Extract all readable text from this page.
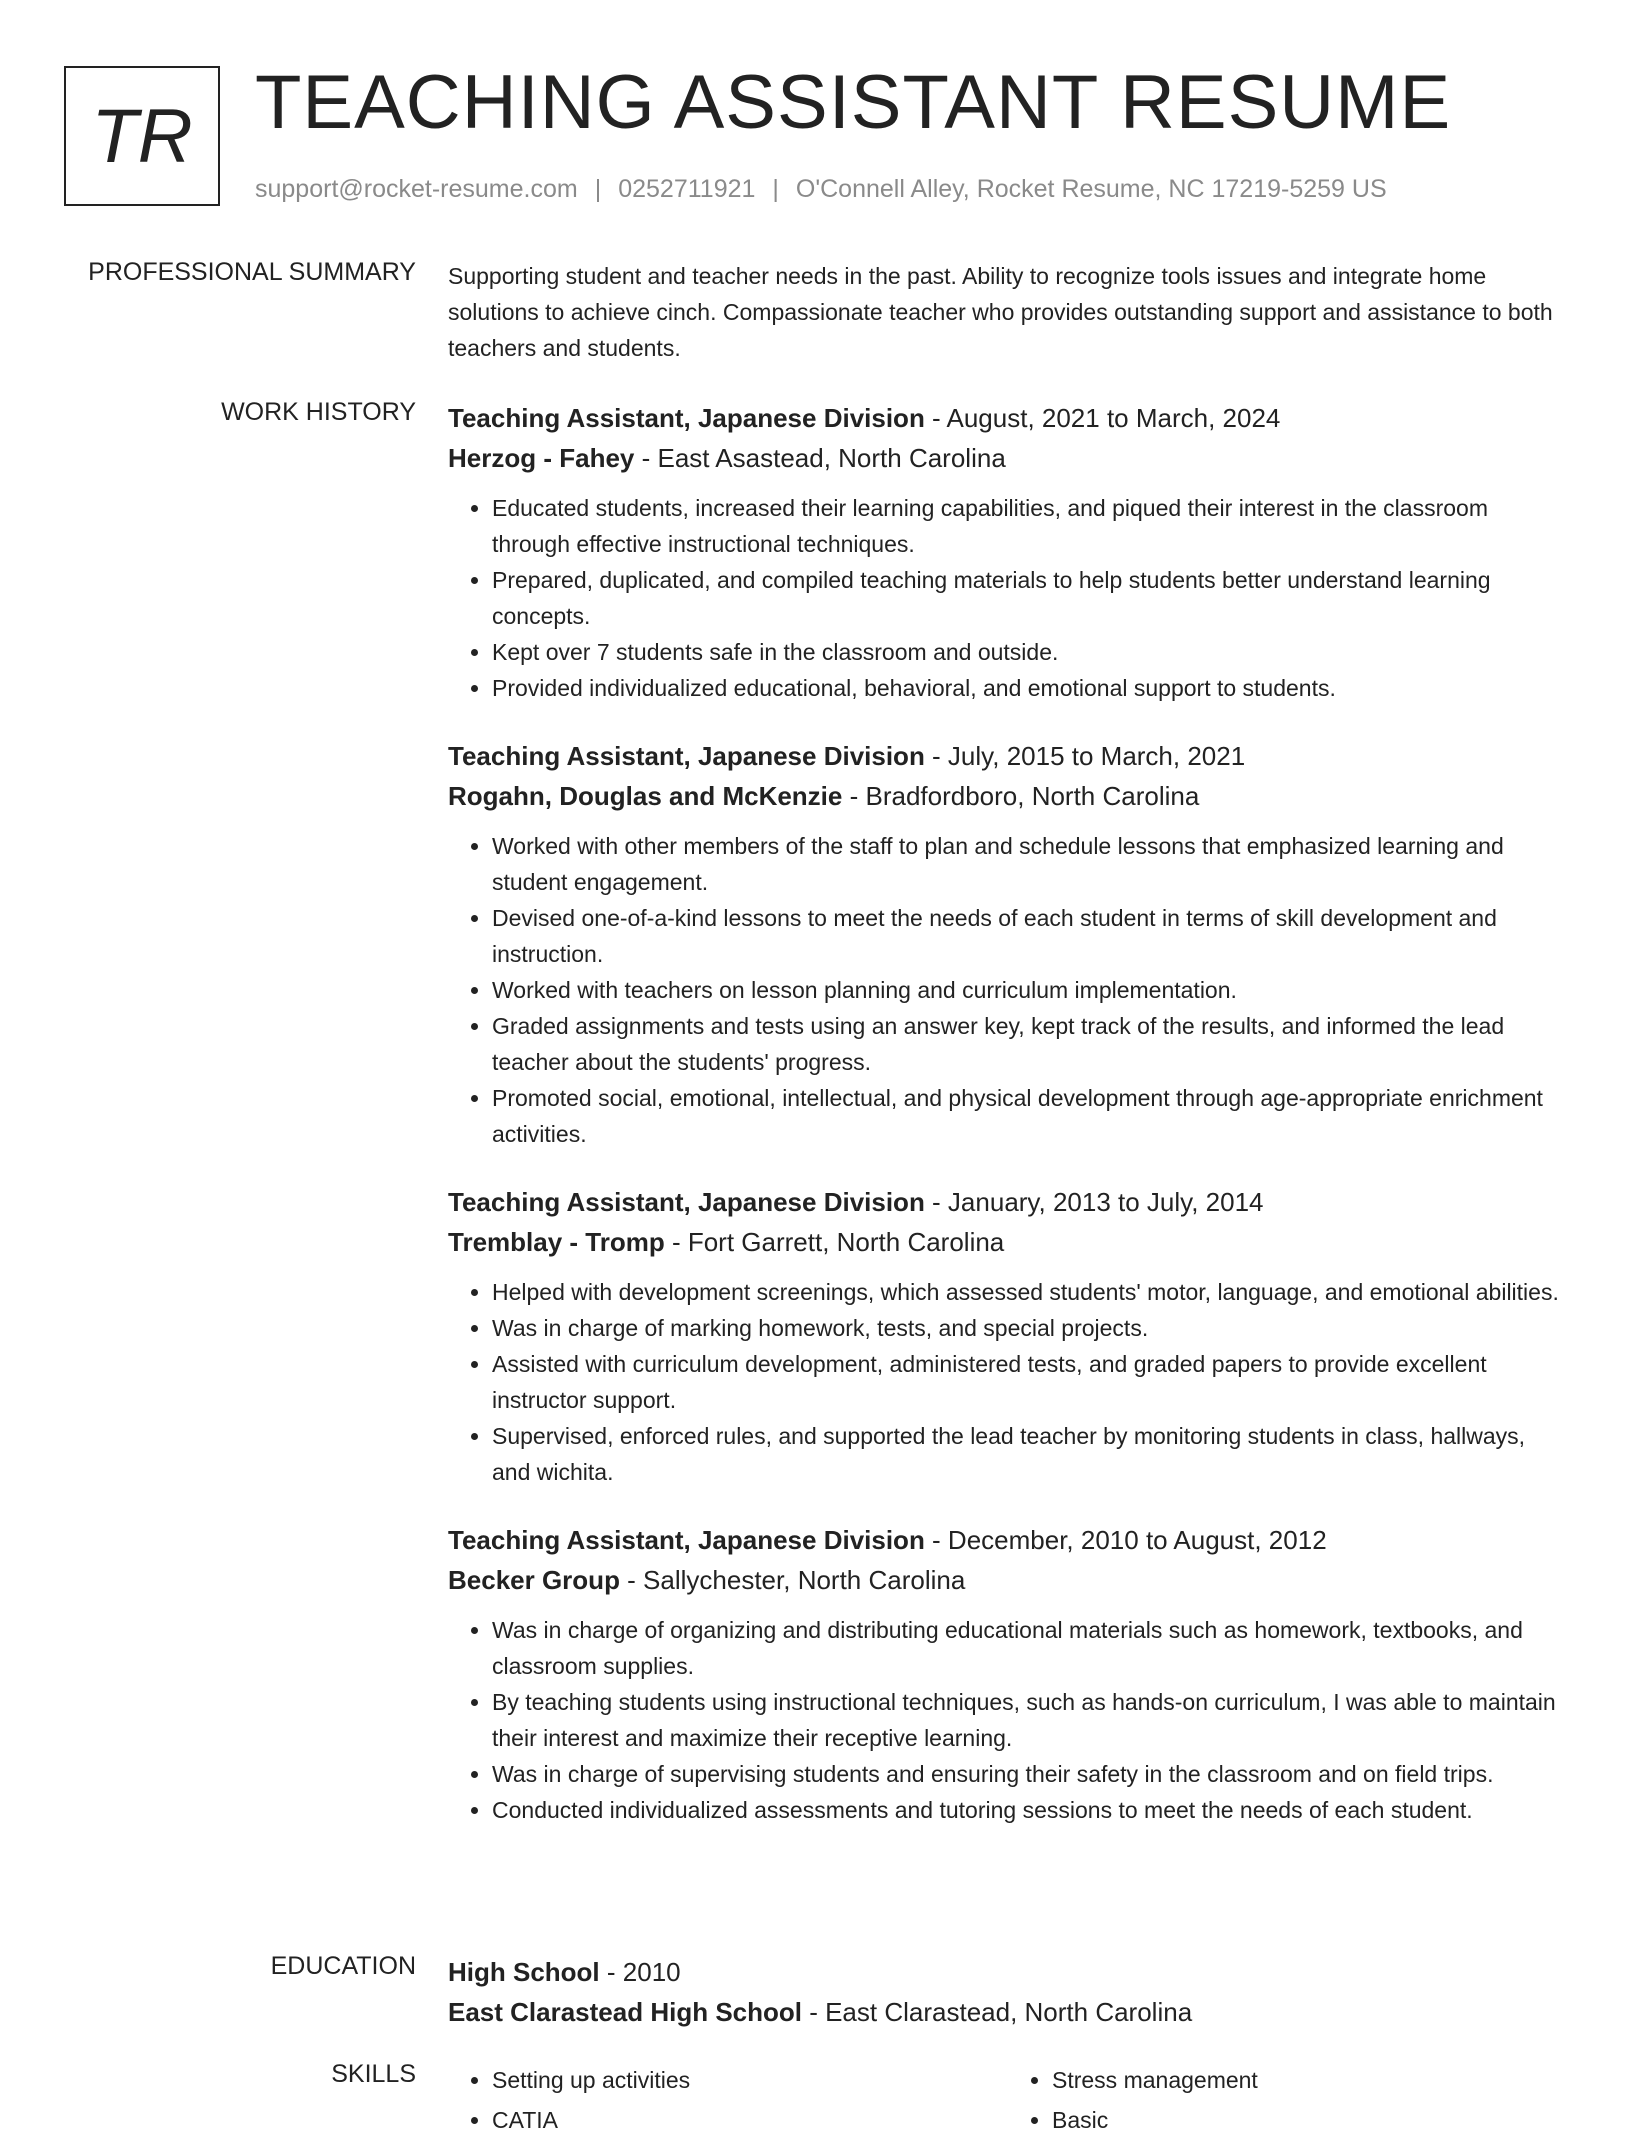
TR TEACHING ASSISTANT RESUME
support@rocket-resume.com | 0252711921 | O'Connell Alley, Rocket Resume, NC 17219-5259 US
PROFESSIONAL SUMMARY Supporting student and teacher needs in the past. Ability to recognize tools issues and integrate home solutions to achieve cinch. Compassionate teacher who provides outstanding support and assistance to both teachers and students.

WORK HISTORY Teaching Assistant, Japanese Division - August, 2021 to March, 2024

Herzog - Fahey - East Asastead, North Carolina

• Educated students, increased their learning capabilities, and piqued their interest in the classroom through effective instructional techniques.
• Prepared, duplicated, and compiled teaching materials to help students better understand learning concepts.
• Kept over 7 students safe in the classroom and outside.
• Provided individualized educational, behavioral, and emotional support to students.

Teaching Assistant, Japanese Division - July, 2015 to March, 2021

Rogahn, Douglas and McKenzie - Bradfordboro, North Carolina

• Worked with other members of the staff to plan and schedule lessons that emphasized learning and student engagement.
• Devised one-of-a-kind lessons to meet the needs of each student in terms of skill development and instruction.
• Worked with teachers on lesson planning and curriculum implementation.
• Graded assignments and tests using an answer key, kept track of the results, and informed the lead teacher about the students' progress.
• Promoted social, emotional, intellectual, and physical development through age-appropriate enrichment activities.

Teaching Assistant, Japanese Division - January, 2013 to July, 2014

Tremblay - Tromp - Fort Garrett, North Carolina

• Helped with development screenings, which assessed students' motor, language, and emotional abilities.
• Was in charge of marking homework, tests, and special projects.
• Assisted with curriculum development, administered tests, and graded papers to provide excellent instructor support.
• Supervised, enforced rules, and supported the lead teacher by monitoring students in class, hallways, and wichita.

Teaching Assistant, Japanese Division - December, 2010 to August, 2012

Becker Group - Sallychester, North Carolina

• Was in charge of organizing and distributing educational materials such as homework, textbooks, and classroom supplies.
• By teaching students using instructional techniques, such as hands-on curriculum, I was able to maintain their interest and maximize their receptive learning.
• Was in charge of supervising students and ensuring their safety in the classroom and on field trips.
• Conducted individualized assessments and tutoring sessions to meet the needs of each student.
EDUCATION High School - 2010

East Clarastead High School - East Clarastead, North Carolina

SKILLS
•	Setting up activities
• CATIA
• Stress management
• Basic
